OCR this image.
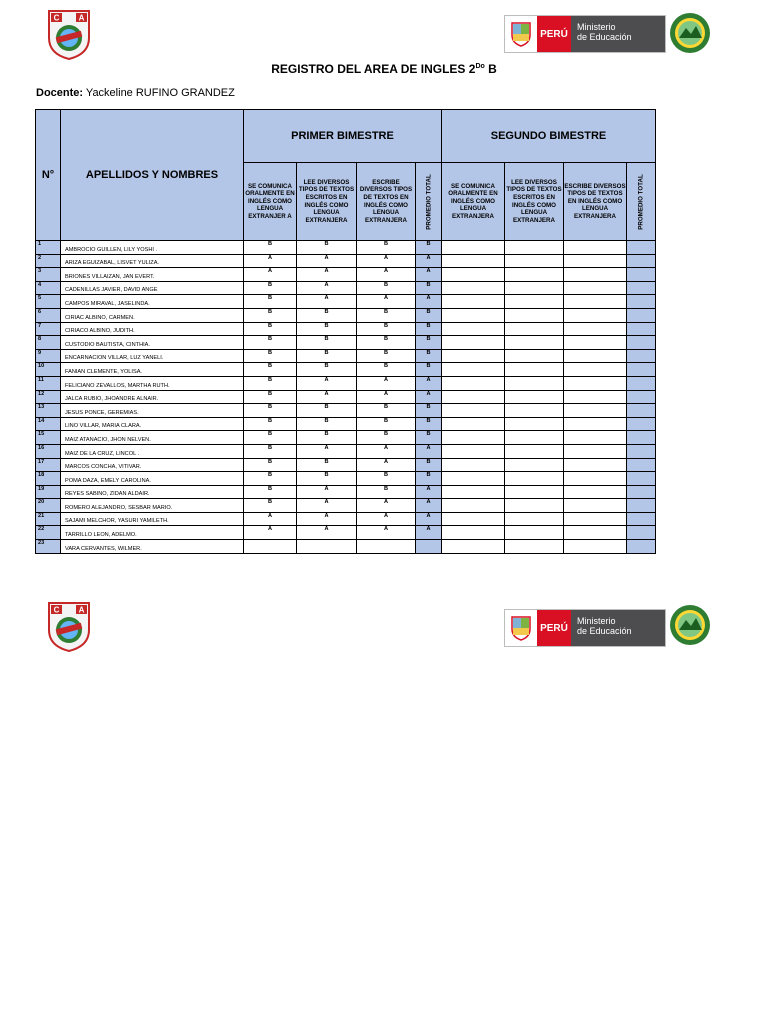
C A
PERÚ
Ministerio
de Educación
REGISTRO DEL AREA DE INGLES $2^{Do}$ B
Docente: Yackeline RUFINO GRANDEZ
N°	APELLIDOS Y NOMBRES	PRIMER BIMESTRE				SEGUNDO BIMESTRE			
		SE COMUNICA ORALMENTE EN INGLÉS COMO LENGUA EXTRANJER A	LEE DIVERSOS TIPOS DE TEXTOS ESCRITOS EN INGLÉS COMO LENGUA EXTRANJERA	ESCRIBE DIVERSOS TIPOS DE TEXTOS EN INGLÉS COMO LENGUA EXTRANJERA	PROMEDIO TOTAL	SE COMUNICA ORALMENTE EN INGLÉS COMO LENGUA EXTRANJERA	LEE DIVERSOS TIPOS DE TEXTOS ESCRITOS EN INGLÉS COMO LENGUA EXTRANJERA	ESCRIBE DIVERSOS TIPOS DE TEXTOS EN INGLÉS COMO LENGUA EXTRANJERA	PROMEDIO TOTAL

1	AMBROCIO GUILLEN, LILY YOSHI .	B	B	B	B				
2	ARIZA EGUIZABAL, LISVET YULIZA.	A	A	A	A				
3	BRIONES VILLAIZAN, JAN EVERT.	A	A	A	A				
4	CADENILLAS JAVIER, DAVID ANGE	B	A	B	B				
5	CAMPOS MIRAVAL, JASELINDA.	B	A	A	A				
6	CIRIAC ALBINO, CARMEN.	B	B	B	B				
7	CIRIACO ALBINO, JUDITH.	B	B	B	B				
8	CUSTODIO BAUTISTA, CINTHIA.	B	B	B	B				
9	ENCARNACION VILLAR, LUZ YANELI.	B	B	B	B				
10	FANIAN CLEMENTE, YOLISA.	B	B	B	B				
11	FELICIANO ZEVALLOS, MARTHA RUTH.	B	A	A	A				
12	JALCA RUBIO, JHOANDRE ALNAIR.	B	A	A	A				
13	JESUS PONCE, GEREMIAS.	B	B	B	B				
14	LINO VILLAR, MARIA CLARA.	B	B	B	B				
15	MAIZ ATANACIO, JHON NELVEN.	B	B	B	B				
16	MAIZ DE LA CRUZ, LINCOL .	B	A	A	A				
17	MARCOS CONCHA, VITIVAR.	B	B	A	B				
18	POMA DAZA, EMELY CAROLINA.	B	B	B	B				
19	REYES SABINO, ZIDAN ALDAIR.	B	A	B	A				
20	ROMERO ALEJANDRO, SESBAR MARIO.	B	A	A	A				
21	SAJAMI MELCHOR, YASURI YAMILETH.	A	A	A	A				
22	TARRILLO LEON, ADELMO.	A	A	A	A				
23	VARA CERVANTES, WILMER.								
C A
PERÚ
Ministerio
de Educación
